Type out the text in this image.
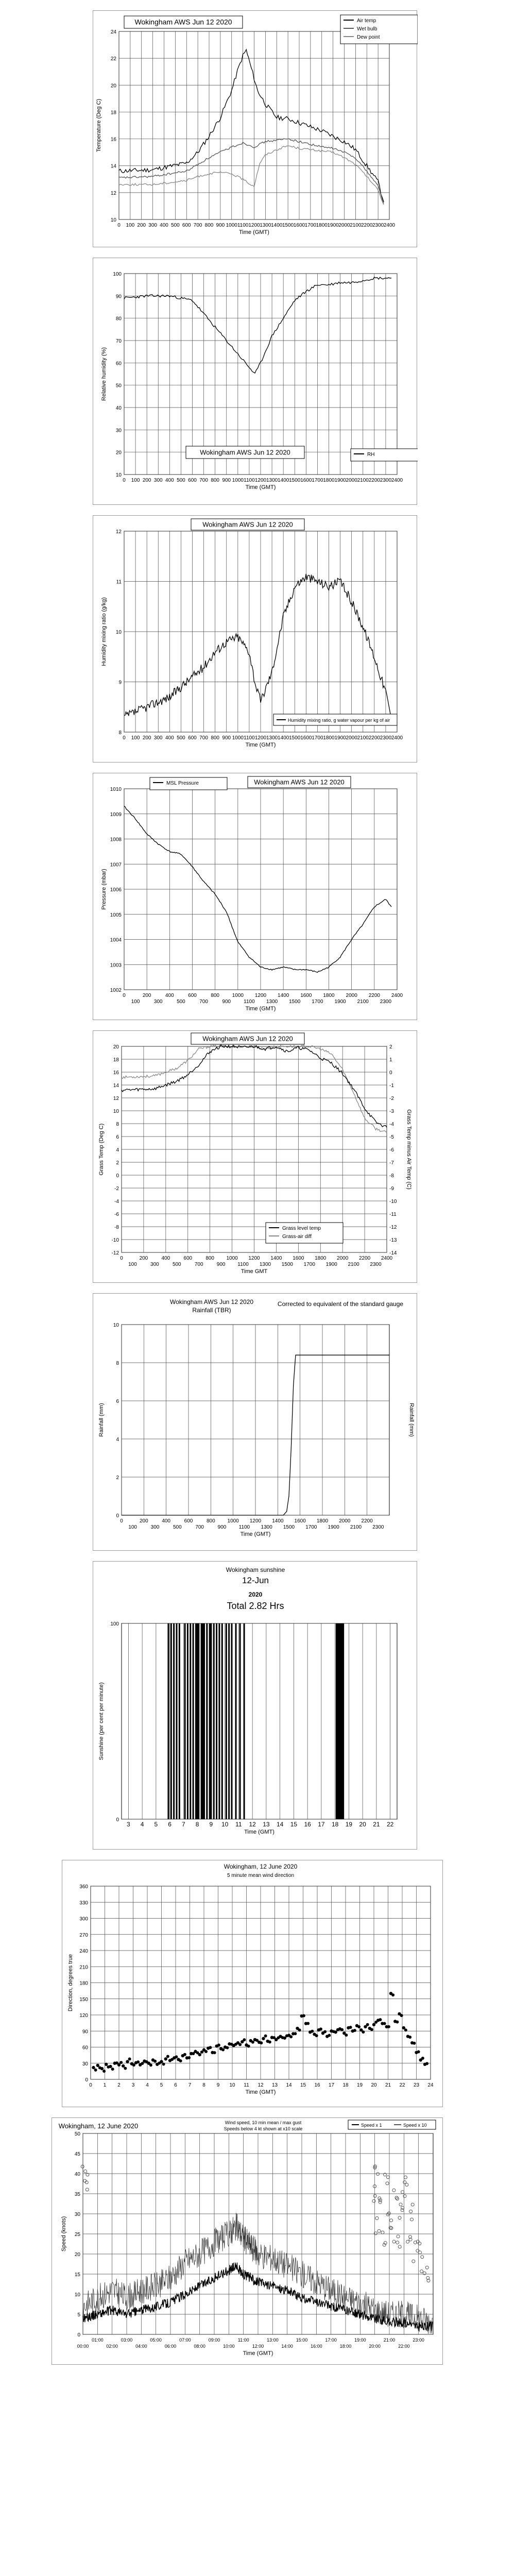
10
12
14
16
18
20
22
24
0 100 200 300 400 500 600 700 800 900 1000 1100 1200 1300 1400 1500 1600 1700 1800 1900 2000 2100 2200 2300 2400
Time (GMT)
Temperature (Deg C)
Wokingham AWS Jun 12 2020	Air temp
Wet bulb
Dew point
10
20
30
40
50
60
70
80
90
100
0 100 200 300 400 500 600 700 800 900 1000 1100 1200 1300 1400 1500 1600 1700 1800 1900 2000 2100 2200 2300 2400
Time (GMT)
Relative humidity (%)
Wokingham AWS Jun 12 2020	RH
8
9
10
11
12
0 100 200 300 400 500 600 700 800 900 1000 1100 1200 1300 1400 1500 1600 1700 1800 1900 2000 2100 2200 2300 2400
Time (GMT)
Humidity mixing ratio (g/kg)
Wokingham AWS Jun 12 2020
Humidity mixing ratio, g water vapour per kg of air
1002
1003
1004
1005
1006
1007
1008
1009
1010
0	200	400	600	800 1000 1200 1400 1600 1800 2000 2200 2400
100	300	500	700	900	1100 1300 1500 1700 1900 2100 2300
Time (GMT)
Pressure (mbar)
MSL Pressure	Wokingham AWS Jun 12 2020
-12
-10
-8
-6
-4
-2
0
2
4
6
8
10
12
14
16
18
20
0	200	400	600	800 1000 1200 1400 1600 1800 2000 2200 2400
100	300	500	700	900 1100 1300 1500 1700 1900 2100 2300
-14
-13
-12
-11
-10
-9
-8
-7
-6
-5
-4
-3
-2
-1
0
1
2
Time GMT
Grass Temp (Deg C)	Grass Temp minus Air Temp (C)
Wokingham AWS Jun 12 2020
Grass level temp
Grass-air diff
0
2
4
6
8
10
0	200	400	600	800 1000 1200 1400 1600 1800 2000 2200
100	300	500	700	900 1100 1300 1500 1700 1900 2100 2300
Time (GMT)
Rainfall (mm)	Rainfall (mm)
Wokingham AWS Jun 12 2020
Rainfall (TBR)
Corrected to equivalent of the standard gauge
0
100
3 4 5 6 7 8 9 10 11 12 13 14 15 16 17 18 19 20 21 22
Time (GMT)
Sunshine (per cent per minute)
Wokingham sunshine
12-Jun
2020
Total 2.82 Hrs
0
30
60
90
120
150
180
210
240
270
300
330
360
0 1 2 3 4 5 6 7 8 9 10 11 12 13 14 15 16 17 18 19 20 21 22 23 24
Time (GMT)
Direction, degrees true
Wokingham, 12 June 2020
5 minute mean wind direction
0
5
10
15
20
25
30
35
40
45
50
00:00
01:00
02:00
03:00
04:00
05:00
06:00
07:00
08:00
09:00
10:00
11:00
12:00
13:00
14:00
15:00
16:00
17:00
18:00
19:00
20:00
21:00
22:00
23:00
Time (GMT)
Speed (knots)
Wokingham, 12 June 2020	Wind speed, 10 min mean / max gust
Speeds below 4 kt shown at x10 scale
Speed x 1	Speed x 10
